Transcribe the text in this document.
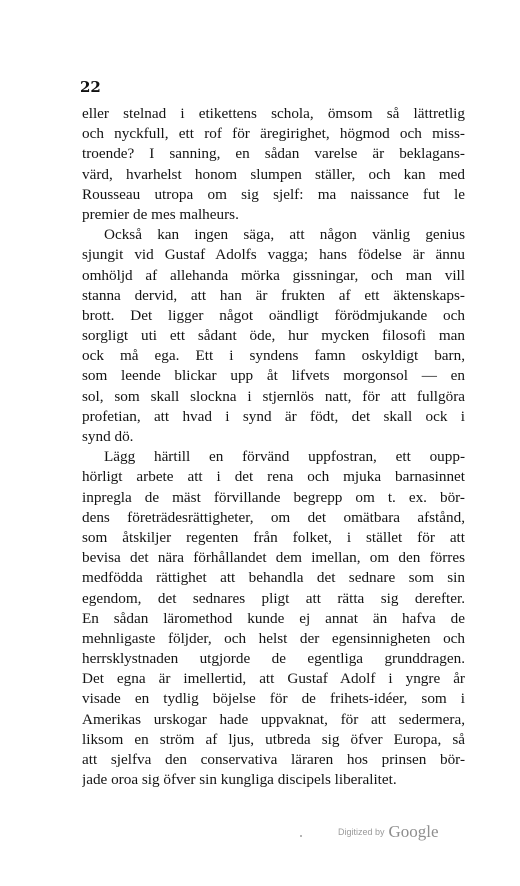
22
eller stelnad i etikettens schola, ömsom så lättretlig
och nyckfull, ett rof för äregirighet, högmod och miss-
troende? I sanning, en sådan varelse är beklagans-
värd, hvarhelst honom slumpen ställer, och kan med
Rousseau utropa om sig sjelf: ma naissance fut le
premier de mes malheurs.
Också kan ingen säga, att någon vänlig genius
sjungit vid Gustaf Adolfs vagga; hans födelse är ännu
omhöljd af allehanda mörka gissningar, och man vill
stanna dervid, att han är frukten af ett äktenskaps-
brott. Det ligger något oändligt förödmjukande och
sorgligt uti ett sådant öde, hur mycken filosofi man
ock må ega. Ett i syndens famn oskyldigt barn,
som leende blickar upp åt lifvets morgonsol — en
sol, som skall slockna i stjernlös natt, för att fullgöra
profetian, att hvad i synd är födt, det skall ock i
synd dö.
Lägg härtill en förvänd uppfostran, ett oupp-
hörligt arbete att i det rena och mjuka barnasinnet
inpregla de mäst förvillande begrepp om t. ex. bör-
dens företrädesrättigheter, om det omätbara afstånd,
som åtskiljer regenten från folket, i stället för att
bevisa det nära förhållandet dem imellan, om den förres
medfödda rättighet att behandla det sednare som sin
egendom, det sednares pligt att rätta sig derefter.
En sådan läromethod kunde ej annat än hafva de
mehnligaste följder, och helst der egensinnigheten och
herrsklystnaden utgjorde de egentliga grunddragen.
Det egna är imellertid, att Gustaf Adolf i yngre år
visade en tydlig böjelse för de frihets-idéer, som i
Amerikas urskogar hade uppvaknat, för att sedermera,
liksom en ström af ljus, utbreda sig öfver Europa, så
att sjelfva den conservativa läraren hos prinsen bör-
jade oroa sig öfver sin kungliga discipels liberalitet.
Digitized by Google
